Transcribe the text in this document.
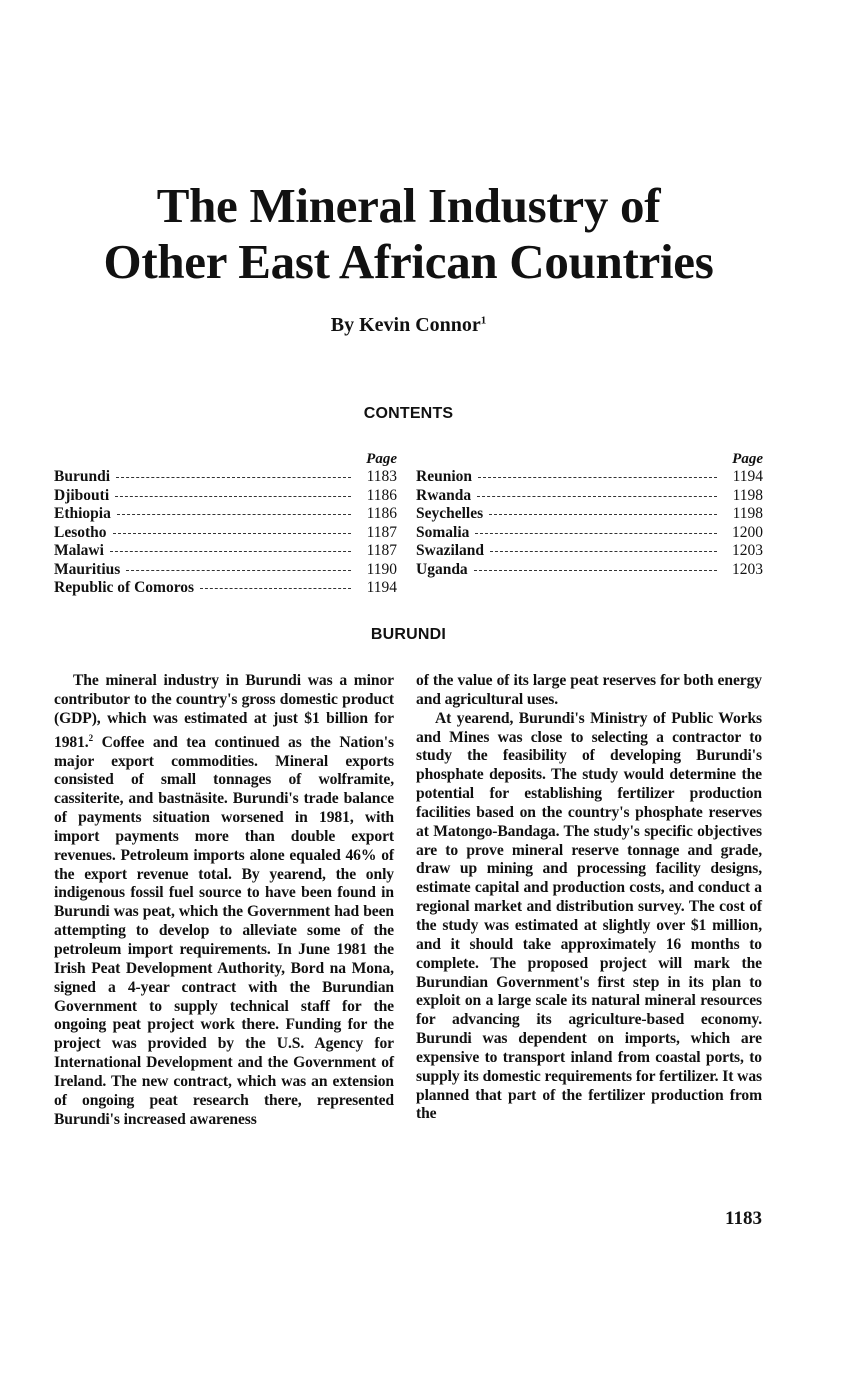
The Mineral Industry of
Other East African Countries
By Kevin Connor$^1$
CONTENTS
Page
Burundi	1183
Djibouti	1186
Ethiopia	1186
Lesotho	1187
Malawi	1187
Mauritius	1190
Republic of Comoros	1194
Page
Reunion	1194
Rwanda	1198
Seychelles	1198
Somalia	1200
Swaziland	1203
Uganda	1203
BURUNDI

The mineral industry in Burundi was a minor contributor to the country's gross domestic product (GDP), which was estimated at just $1 billion for 1981.$^2$ Coffee and tea continued as the Nation's major export commodities. Mineral exports consisted of small tonnages of wolframite, cassiterite, and bastnäsite. Burundi's trade balance of payments situation worsened in 1981, with import payments more than double export revenues. Petroleum imports alone equaled 46% of the export revenue total. By yearend, the only indigenous fossil fuel source to have been found in Burundi was peat, which the Government had been attempting to develop to alleviate some of the petroleum import requirements. In June 1981 the Irish Peat Development Authority, Bord na Mona, signed a 4-year contract with the Burundian Government to supply technical staff for the ongoing peat project work there. Funding for the project was provided by the U.S. Agency for International Development and the Government of Ireland. The new contract, which was an extension of ongoing peat research there, represented Burundi's increased awareness

of the value of its large peat reserves for both energy and agricultural uses.

At yearend, Burundi's Ministry of Public Works and Mines was close to selecting a contractor to study the feasibility of developing Burundi's phosphate deposits. The study would determine the potential for establishing fertilizer production facilities based on the country's phosphate reserves at Matongo-Bandaga. The study's specific objectives are to prove mineral reserve tonnage and grade, draw up mining and processing facility designs, estimate capital and production costs, and conduct a regional market and distribution survey. The cost of the study was estimated at slightly over $1 million, and it should take approximately 16 months to complete. The proposed project will mark the Burundian Government's first step in its plan to exploit on a large scale its natural mineral resources for advancing its agriculture-based economy. Burundi was dependent on imports, which are expensive to transport inland from coastal ports, to supply its domestic requirements for fertilizer. It was planned that part of the fertilizer production from the

1183
